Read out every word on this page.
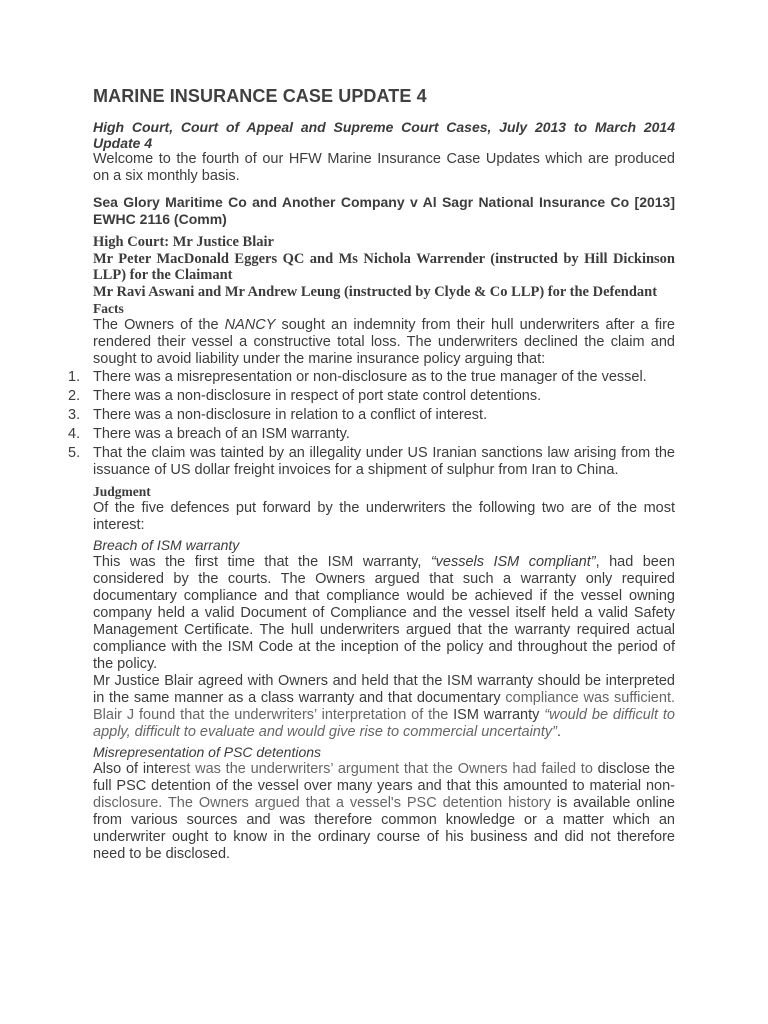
MARINE INSURANCE CASE UPDATE 4

High Court, Court of Appeal and Supreme Court Cases, July 2013 to March 2014 Update 4

Welcome to the fourth of our HFW Marine Insurance Case Updates which are produced on a six monthly basis.

Sea Glory Maritime Co and Another Company v Al Sagr National Insurance Co [2013] EWHC 2116 (Comm)

High Court: Mr Justice Blair

Mr Peter MacDonald Eggers QC and Ms Nichola Warrender (instructed by Hill Dickinson LLP) for the Claimant

Mr Ravi Aswani and Mr Andrew Leung (instructed by Clyde & Co LLP) for the Defendant

Facts

The Owners of the NANCY sought an indemnity from their hull underwriters after a fire rendered their vessel a constructive total loss. The underwriters declined the claim and sought to avoid liability under the marine insurance policy arguing that:

1. There was a misrepresentation or non-disclosure as to the true manager of the vessel.
2. There was a non-disclosure in respect of port state control detentions.
3. There was a non-disclosure in relation to a conflict of interest.
4. There was a breach of an ISM warranty.
5. That the claim was tainted by an illegality under US Iranian sanctions law arising from the issuance of US dollar freight invoices for a shipment of sulphur from Iran to China.

Judgment

Of the five defences put forward by the underwriters the following two are of the most interest:

Breach of ISM warranty

This was the first time that the ISM warranty, “vessels ISM compliant”, had been considered by the courts. The Owners argued that such a warranty only required documentary compliance and that compliance would be achieved if the vessel owning company held a valid Document of Compliance and the vessel itself held a valid Safety Management Certificate. The hull underwriters argued that the warranty required actual compliance with the ISM Code at the inception of the policy and throughout the period of the policy.

Mr Justice Blair agreed with Owners and held that the ISM warranty should be interpreted in the same manner as a class warranty and that documentary compliance was sufficient. Blair J found that the underwriters’ interpretation of the ISM warranty “would be difficult to apply, difficult to evaluate and would give rise to commercial uncertainty”.

Misrepresentation of PSC detentions

Also of interest was the underwriters’ argument that the Owners had failed to disclose the full PSC detention of the vessel over many years and that this amounted to material non-disclosure. The Owners argued that a vessel's PSC detention history is available online from various sources and was therefore common knowledge or a matter which an underwriter ought to know in the ordinary course of his business and did not therefore need to be disclosed.
